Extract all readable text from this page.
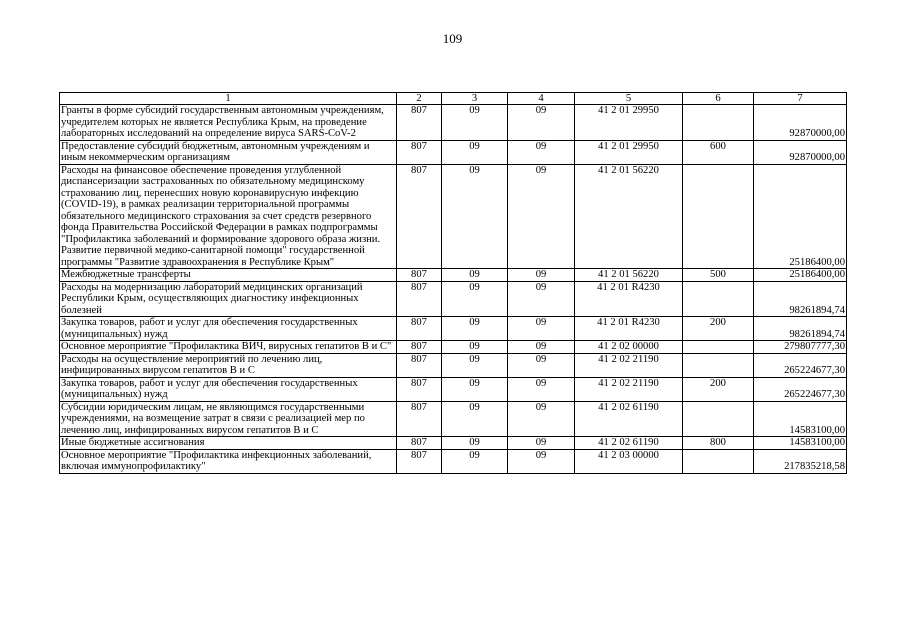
109
1	2	3	4	5	6	7
Гранты в форме субсидий государственным автономным учреждениям, учредителем которых не является Республика Крым, на проведение лабораторных исследований на определение вируса SARS-CoV-2	807	09	09	41 2 01 29950		92870000,00
Предоставление субсидий бюджетным, автономным учреждениям и иным некоммерческим организациям	807	09	09	41 2 01 29950	600	92870000,00
Расходы на финансовое обеспечение проведения углубленной диспансеризации застрахованных по обязательному медицинскому страхованию лиц, перенесших новую коронавирусную инфекцию (COVID-19), в рамках реализации территориальной программы обязательного медицинского страхования за счет средств резервного фонда Правительства Российской Федерации в рамках подпрограммы "Профилактика заболеваний и формирование здорового образа жизни. Развитие первичной медико-санитарной помощи" государственной программы "Развитие здравоохранения в Республике Крым"	807	09	09	41 2 01 56220		25186400,00
Межбюджетные трансферты	807	09	09	41 2 01 56220	500	25186400,00
Расходы на модернизацию лабораторий медицинских организаций Республики Крым, осуществляющих диагностику инфекционных болезней	807	09	09	41 2 01 R4230		98261894,74
Закупка товаров, работ и услуг для обеспечения государственных (муниципальных) нужд	807	09	09	41 2 01 R4230	200	98261894,74
Основное мероприятие "Профилактика ВИЧ, вирусных гепатитов В и С"	807	09	09	41 2 02 00000		279807777,30
Расходы на осуществление мероприятий по лечению лиц, инфицированных вирусом гепатитов В и С	807	09	09	41 2 02 21190		265224677,30
Закупка товаров, работ и услуг для обеспечения государственных (муниципальных) нужд	807	09	09	41 2 02 21190	200	265224677,30
Субсидии юридическим лицам, не являющимся государственными учреждениями, на возмещение затрат в связи с реализацией мер по лечению лиц, инфицированных вирусом гепатитов В и С	807	09	09	41 2 02 61190		14583100,00
Иные бюджетные ассигнования	807	09	09	41 2 02 61190	800	14583100,00
Основное мероприятие "Профилактика инфекционных заболеваний, включая иммунопрофилактику"	807	09	09	41 2 03 00000		217835218,58
